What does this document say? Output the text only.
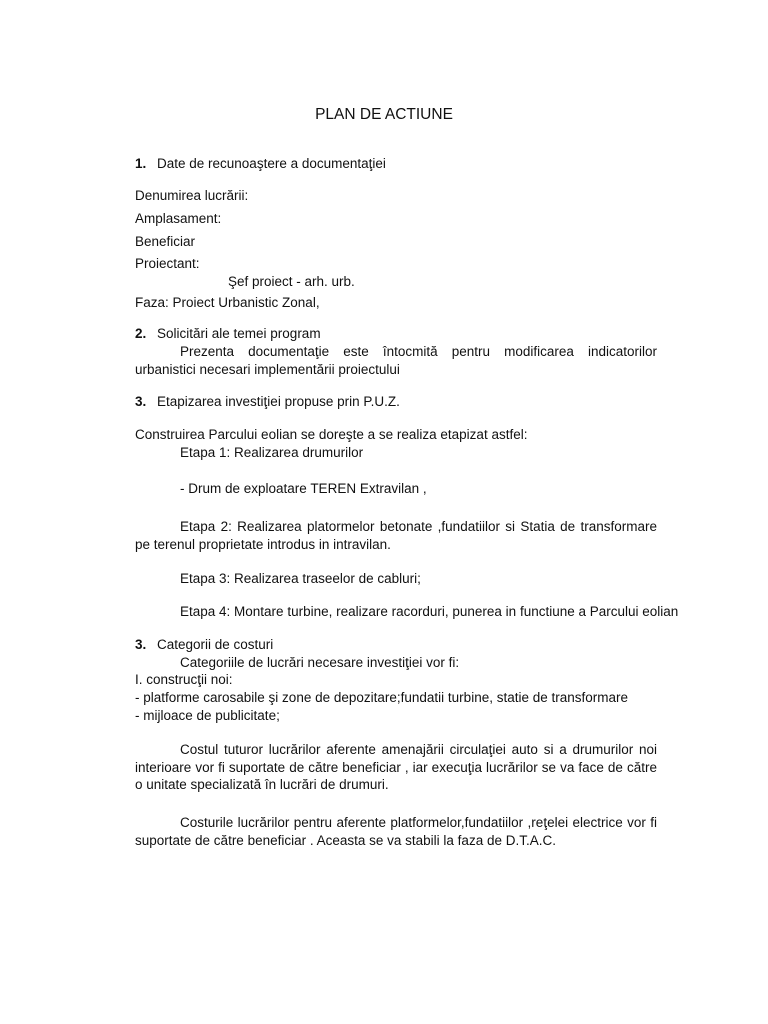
PLAN DE ACTIUNE
1. Date de recunoaştere a documentaţiei
Denumirea lucrării:
Amplasament:
Beneficiar
Proiectant:
Şef proiect - arh. urb.
Faza: Proiect Urbanistic Zonal,
2. Solicitări ale temei program
Prezenta documentaţie este întocmită pentru modificarea indicatorilor urbanistici necesari implementării proiectului
3. Etapizarea investiţiei propuse prin P.U.Z.
Construirea Parcului eolian se doreşte a se realiza etapizat astfel:
Etapa 1: Realizarea drumurilor
- Drum de exploatare TEREN Extravilan ,
Etapa 2: Realizarea platormelor betonate ,fundatiilor si Statia de transformare pe terenul proprietate introdus in intravilan.
Etapa 3: Realizarea traseelor de cabluri;
Etapa 4: Montare turbine, realizare racorduri, punerea in functiune a Parcului eolian
3. Categorii de costuri
Categoriile de lucrări necesare investiţiei vor fi:
I. construcţii noi:
- platforme carosabile şi zone de depozitare;fundatii turbine, statie de transformare
- mijloace de publicitate;
Costul tuturor lucrărilor aferente amenajării circulaţiei auto si a drumurilor noi interioare vor fi suportate de către beneficiar , iar execuţia lucrărilor se va face de către o unitate specializată în lucrări de drumuri.
Costurile lucrărilor pentru aferente platformelor,fundatiilor ,reţelei electrice vor fi suportate de către beneficiar . Aceasta se va stabili la faza de D.T.A.C.
